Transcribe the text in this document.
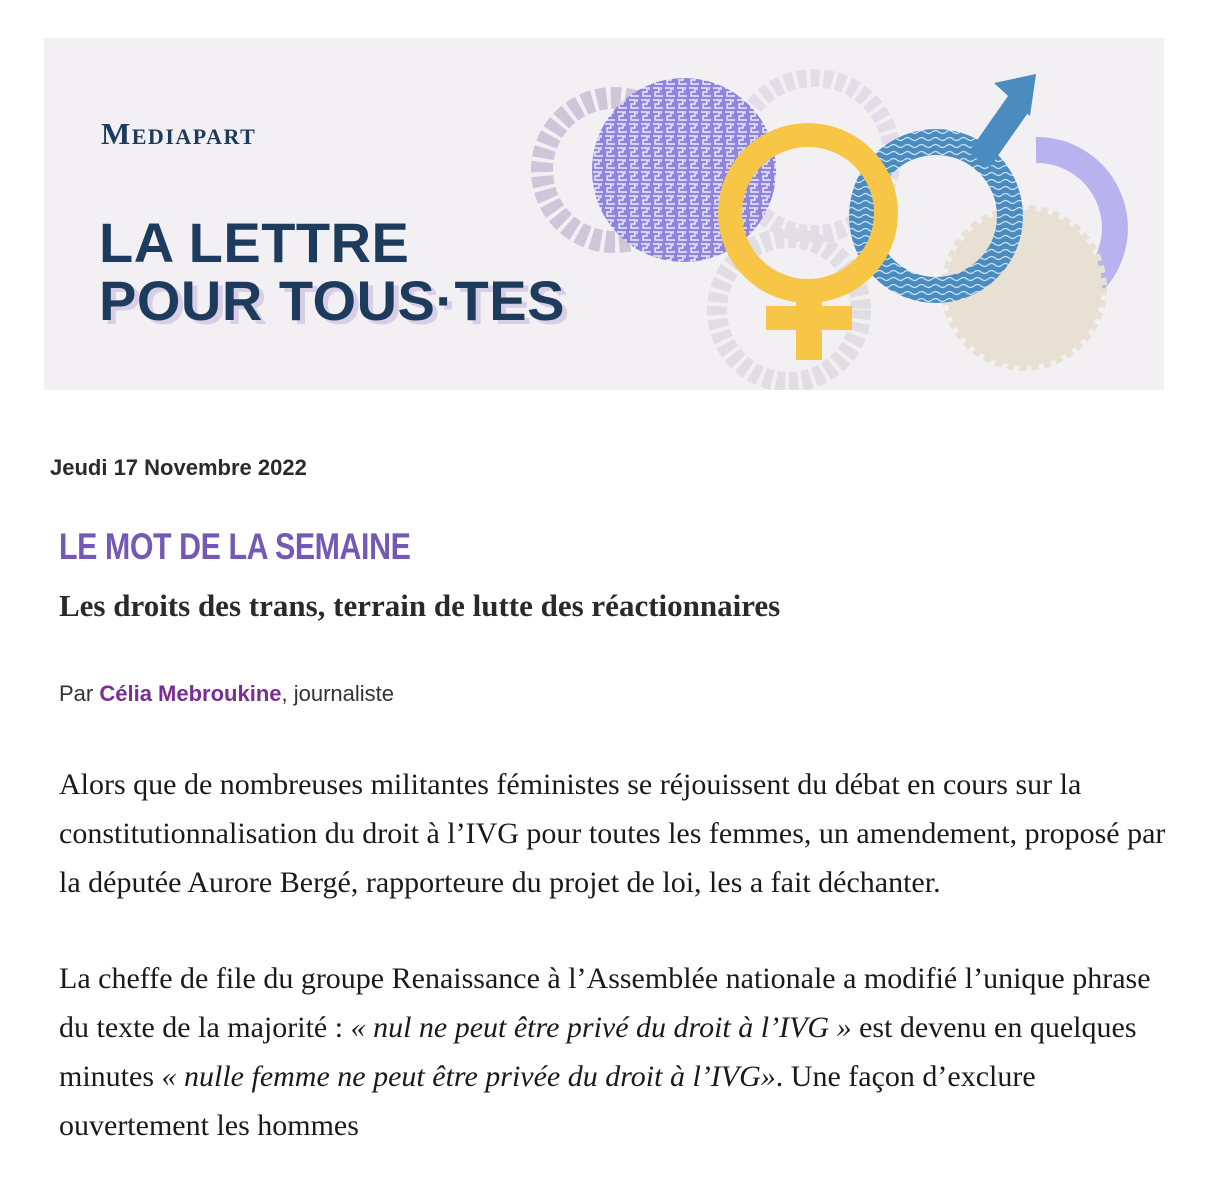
Mediapart
LA LETTRE
POUR TOUS·TES
Jeudi 17 Novembre 2022
LE MOT DE LA SEMAINE
Les droits des trans, terrain de lutte des réactionnaires
Par Célia Mebroukine, journaliste

Alors que de nombreuses militantes féministes se réjouissent du débat en cours sur la constitutionnalisation du droit à l’IVG pour toutes les femmes, un amendement, proposé par la députée Aurore Bergé, rapporteure du projet de loi, les a fait déchanter.

La cheffe de file du groupe Renaissance à l’Assemblée nationale a modifié l’unique phrase du texte de la majorité : « nul ne peut être privé du droit à l’IVG » est devenu en quelques minutes « nulle femme ne peut être privée du droit à l’IVG». Une façon d’exclure ouvertement les hommes
